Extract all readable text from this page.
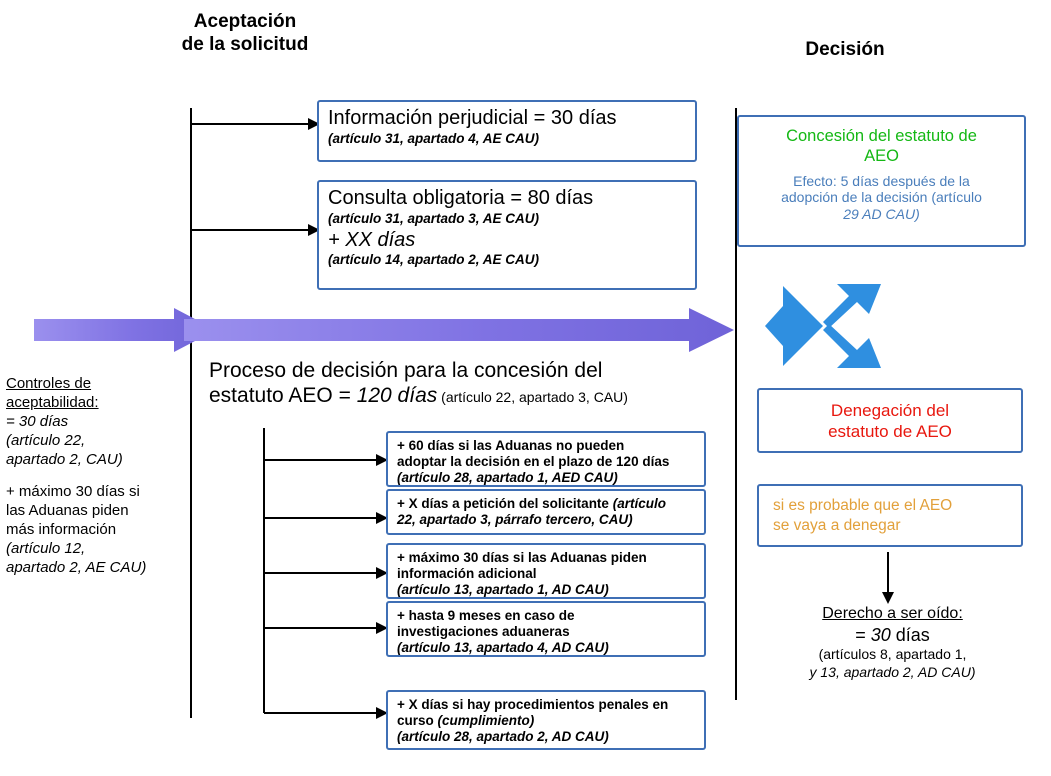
Aceptación
de la solicitud	Decisión
Información perjudicial = 30 días
(artículo 31, apartado 4, AE CAU)
Consulta obligatoria = 80 días
(artículo 31, apartado 3, AE CAU)
+ XX días
(artículo 14, apartado 2, AE CAU)
Proceso de decisión para la concesión del
estatuto AEO = 120 días (artículo 22, apartado 3, CAU)
Controles de
aceptabilidad:
= 30 días
(artículo 22,
apartado 2, CAU)
+ máximo 30 días si
las Aduanas piden
más información
(artículo 12,
apartado 2, AE CAU)
+ 60 días si las Aduanas no pueden
adoptar la decisión en el plazo de 120 días
(artículo 28, apartado 1, AED CAU)
+ X días a petición del solicitante (artículo
22, apartado 3, párrafo tercero, CAU)
+ máximo 30 días si las Aduanas piden
información adicional
(artículo 13, apartado 1, AD CAU)
+ hasta 9 meses en caso de
investigaciones aduaneras
(artículo 13, apartado 4, AD CAU)
+ X días si hay procedimientos penales en
curso (cumplimiento)
(artículo 28, apartado 2, AD CAU)
Concesión del estatuto de
AEO
Efecto: 5 días después de la
adopción de la decisión (artículo
29 AD CAU)
Denegación del
estatuto de AEO
si es probable que el AEO
se vaya a denegar
Derecho a ser oído:
= 30 días
(artículos 8, apartado 1,
y 13, apartado 2, AD CAU)
